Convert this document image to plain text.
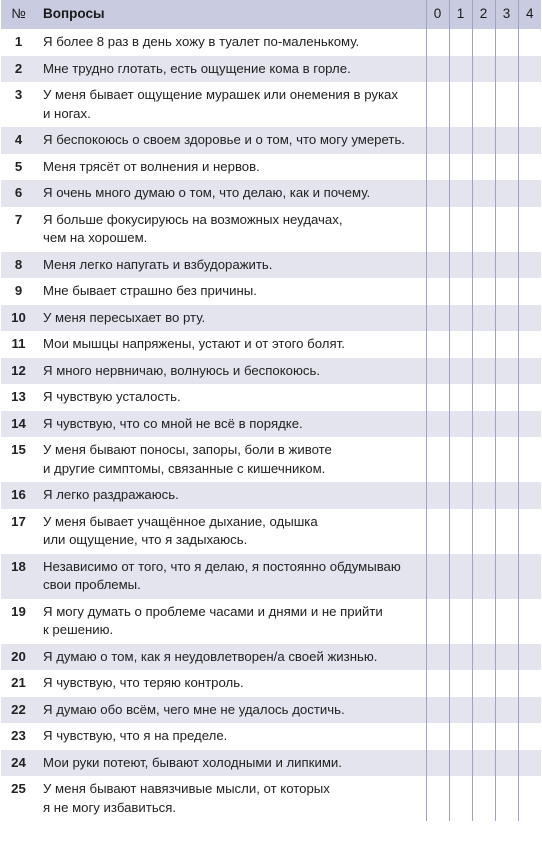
№	Вопросы	0	1	2	3	4
1	Я более 8 раз в день хожу в туалет по-маленькому.					
2	Мне трудно глотать, есть ощущение кома в горле.					
3	У меня бывает ощущение мурашек или онемения в руках
и ногах.					
4	Я беспокоюсь о своем здоровье и о том, что могу умереть.					
5	Меня трясёт от волнения и нервов.					
6	Я очень много думаю о том, что делаю, как и почему.					
7	Я больше фокусируюсь на возможных неудачах,
чем на хорошем.					
8	Меня легко напугать и взбудоражить.					
9	Мне бывает страшно без причины.					
10	У меня пересыхает во рту.					
11	Мои мышцы напряжены, устают и от этого болят.					
12	Я много нервничаю, волнуюсь и беспокоюсь.					
13	Я чувствую усталость.					
14	Я чувствую, что со мной не всё в порядке.					
15	У меня бывают поносы, запоры, боли в животе
и другие симптомы, связанные с кишечником.					
16	Я легко раздражаюсь.					
17	У меня бывает учащённое дыхание, одышка
или ощущение, что я задыхаюсь.					
18	Независимо от того, что я делаю, я постоянно обдумываю
свои проблемы.					
19	Я могу думать о проблеме часами и днями и не прийти
к решению.					
20	Я думаю о том, как я неудовлетворен/а своей жизнью.					
21	Я чувствую, что теряю контроль.					
22	Я думаю обо всём, чего мне не удалось достичь.					
23	Я чувствую, что я на пределе.					
24	Мои руки потеют, бывают холодными и липкими.					
25	У меня бывают навязчивые мысли, от которых
я не могу избавиться.					
